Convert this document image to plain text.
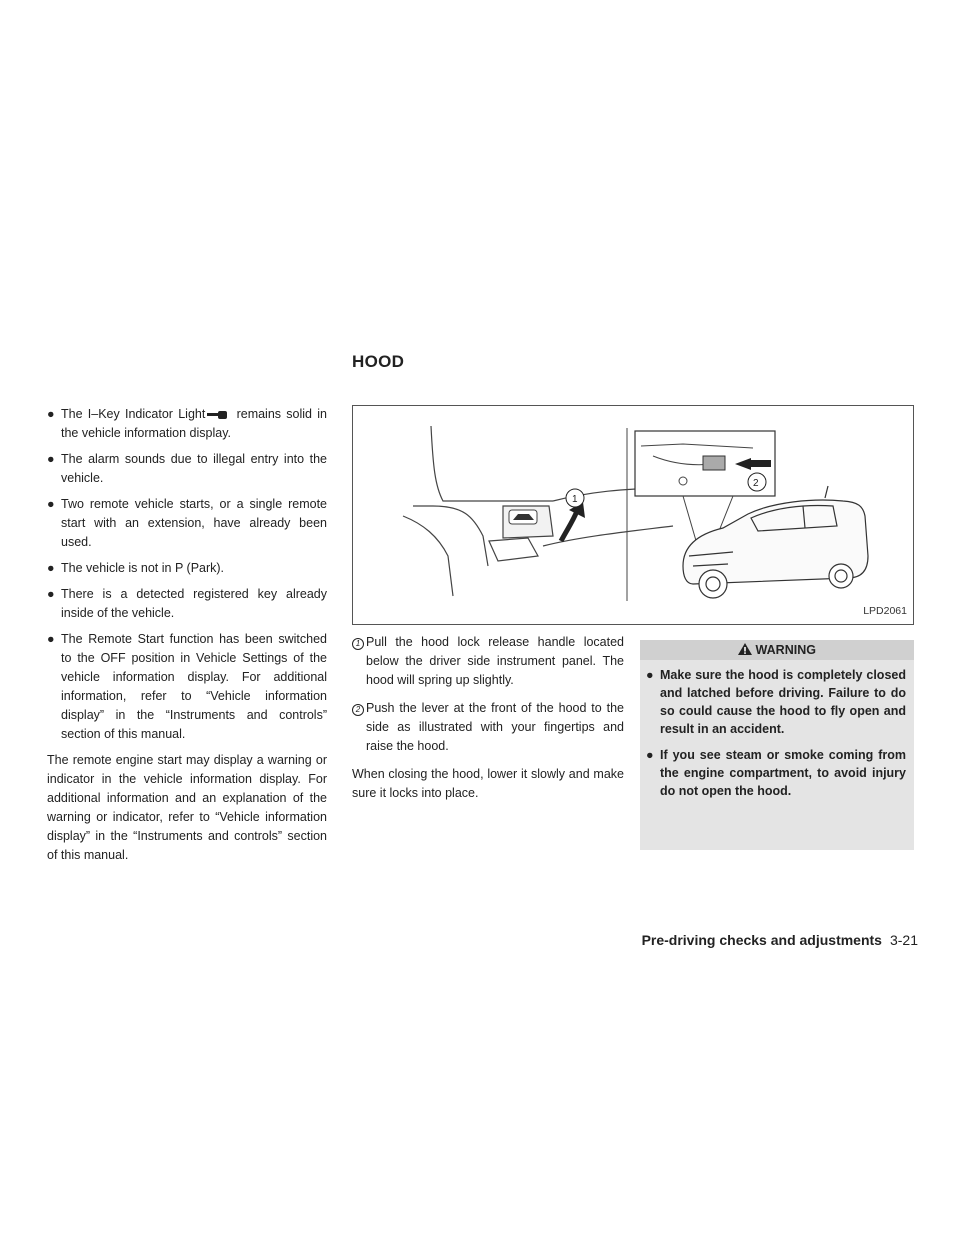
HOOD
● The I–Key Indicator Light remains solid in the vehicle information display.
● The alarm sounds due to illegal entry into the vehicle.
● Two remote vehicle starts, or a single remote start with an extension, have already been used.
● The vehicle is not in P (Park).
● There is a detected registered key already inside of the vehicle.
● The Remote Start function has been switched to the OFF position in Vehicle Settings of the vehicle information display. For additional information, refer to “Vehicle information display” in the “Instruments and controls” section of this manual.
The remote engine start may display a warning or indicator in the vehicle information display. For additional information and an explanation of the warning or indicator, refer to “Vehicle information display” in the “Instruments and controls” section of this manual.
1
2
LPD2061
1 Pull the hood lock release handle located below the driver side instrument panel. The hood will spring up slightly.
2 Push the lever at the front of the hood to the side as illustrated with your fingertips and raise the hood.
When closing the hood, lower it slowly and make sure it locks into place.
WARNING
● Make sure the hood is completely closed and latched before driving. Failure to do so could cause the hood to fly open and result in an accident.
● If you see steam or smoke coming from the engine compartment, to avoid injury do not open the hood.
Pre-driving checks and adjustments 3-21
